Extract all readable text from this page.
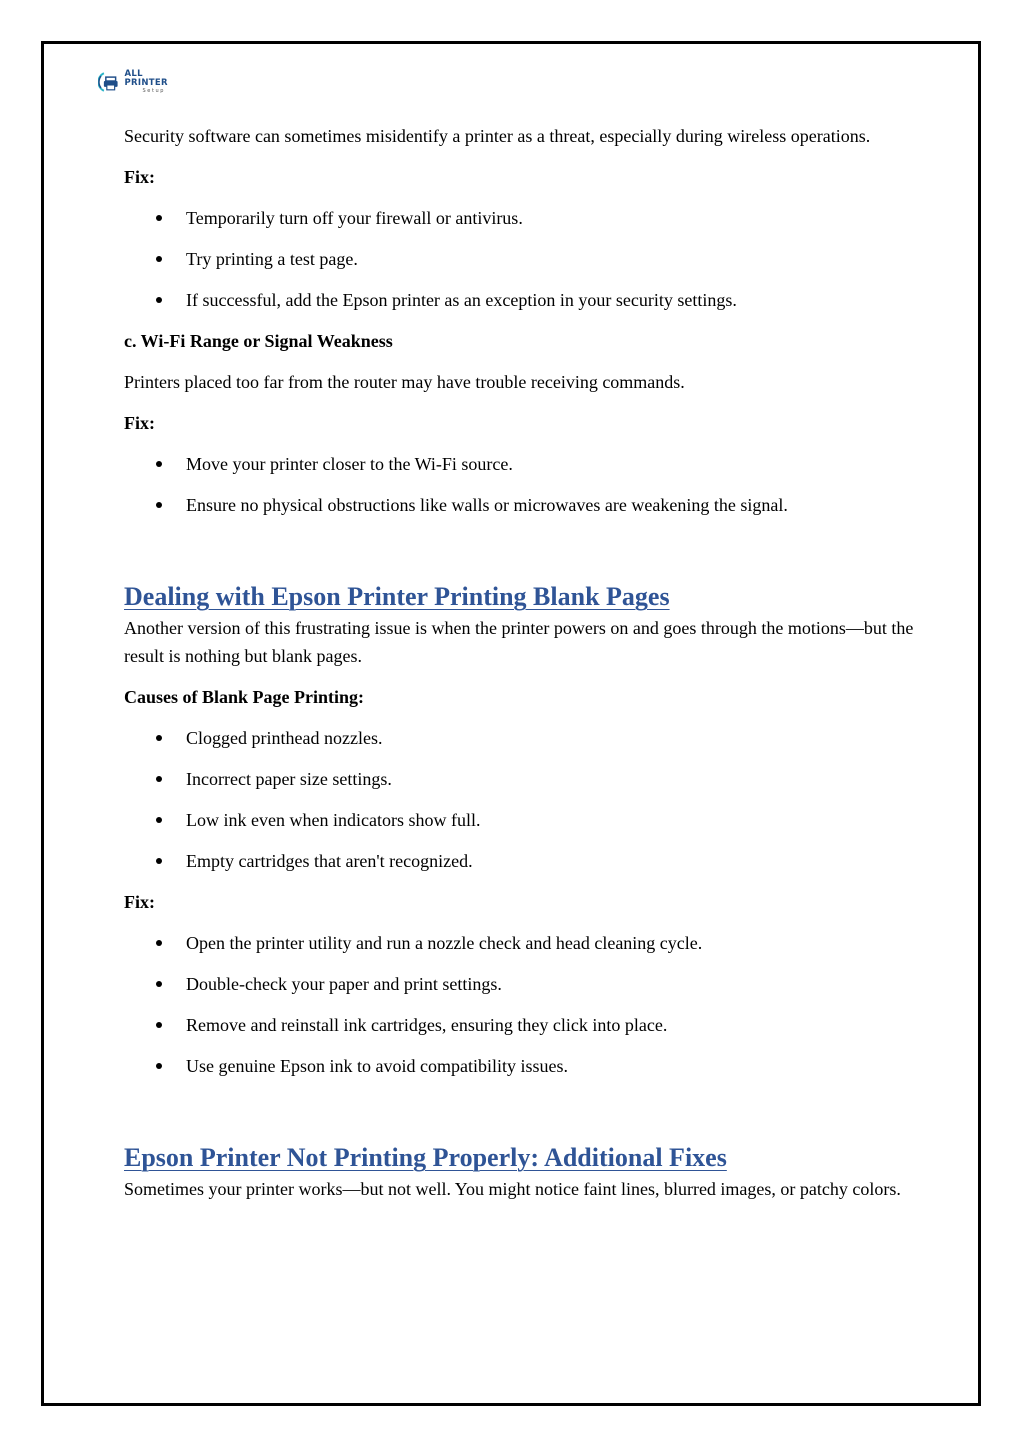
ALL PRINTER
Setup

Security software can sometimes misidentify a printer as a threat, especially during wireless operations.

Fix:

Temporarily turn off your firewall or antivirus.
Try printing a test page.
If successful, add the Epson printer as an exception in your security settings.

c. Wi-Fi Range or Signal Weakness

Printers placed too far from the router may have trouble receiving commands.

Fix:

Move your printer closer to the Wi-Fi source.
Ensure no physical obstructions like walls or microwaves are weakening the signal.
Dealing with Epson Printer Printing Blank Pages

Another version of this frustrating issue is when the printer powers on and goes through the motions—but the result is nothing but blank pages.

Causes of Blank Page Printing:

Clogged printhead nozzles.
Incorrect paper size settings.
Low ink even when indicators show full.
Empty cartridges that aren't recognized.

Fix:

Open the printer utility and run a nozzle check and head cleaning cycle.
Double-check your paper and print settings.
Remove and reinstall ink cartridges, ensuring they click into place.
Use genuine Epson ink to avoid compatibility issues.
Epson Printer Not Printing Properly: Additional Fixes

Sometimes your printer works—but not well. You might notice faint lines, blurred images, or patchy colors.
